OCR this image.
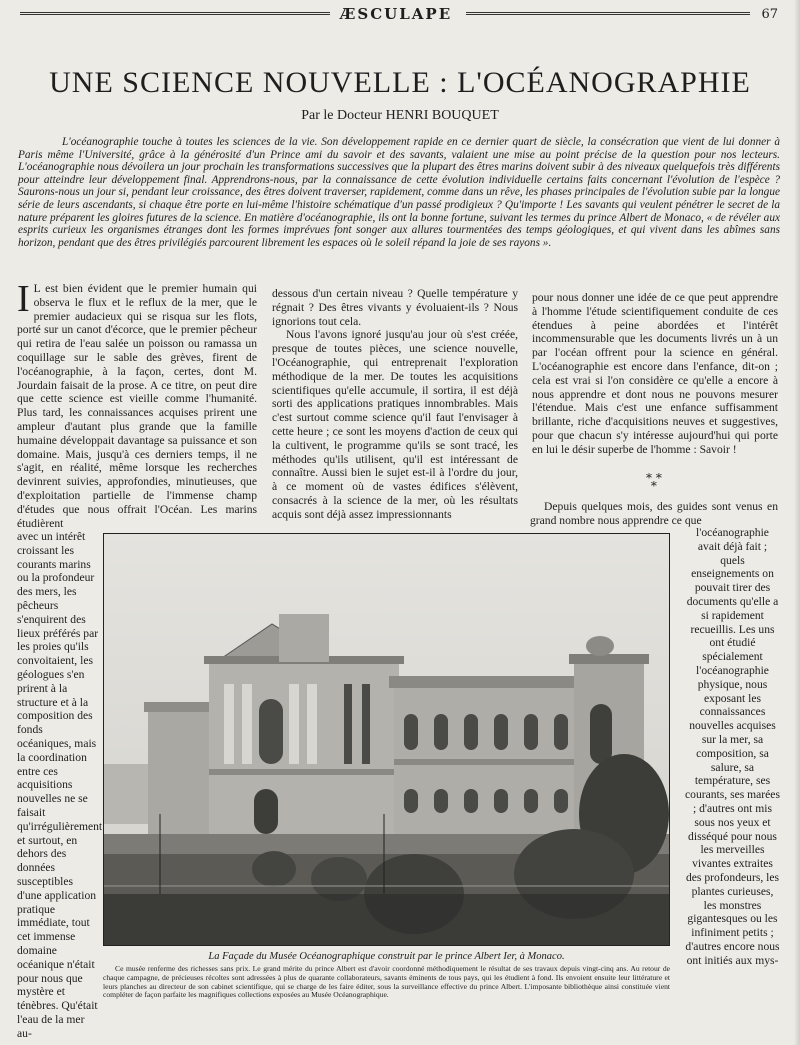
ÆSCULAPE	67
UNE SCIENCE NOUVELLE : L'OCÉANOGRAPHIE
Par le Docteur HENRI BOUQUET

L'océanographie touche à toutes les sciences de la vie. Son développement rapide en ce dernier quart de siècle, la consécration que vient de lui donner à Paris même l'Université, grâce à la générosité d'un Prince ami du savoir et des savants, valaient une mise au point précise de la question pour nos lecteurs. L'océanographie nous dévoilera un jour prochain les transformations successives que la plupart des êtres marins doivent subir à des niveaux quelquefois très différents pour atteindre leur développement final. Apprendrons-nous, par la connaissance de cette évolution individuelle certains faits concernant l'évolution de l'espèce ? Saurons-nous un jour si, pendant leur croissance, des êtres doivent traverser, rapidement, comme dans un rêve, les phases principales de l'évolution subie par la longue série de leurs ascendants, si chaque être porte en lui-même l'histoire schématique d'un passé prodigieux ? Qu'importe ! Les savants qui veulent pénétrer le secret de la nature préparent les gloires futures de la science. En matière d'océanographie, ils ont la bonne fortune, suivant les termes du prince Albert de Monaco, « de révéler aux esprits curieux les organismes étranges dont les formes imprévues font songer aux allures tourmentées des temps géologiques, et qui vivent dans les abîmes sans horizon, pendant que des êtres privilégiés parcourent librement les espaces où le soleil répand la joie de ses rayons ».

I L est bien évident que le premier humain qui observa le flux et le reflux de la mer, que le premier audacieux qui se risqua sur les flots, porté sur un canot d'écorce, que le premier pêcheur qui retira de l'eau salée un poisson ou ramassa un coquillage sur le sable des grèves, firent de l'océanographie, à la façon, certes, dont M. Jourdain faisait de la prose. A ce titre, on peut dire que cette science est vieille comme l'humanité. Plus tard, les connaissances acquises prirent une ampleur d'autant plus grande que la famille humaine développait davantage sa puissance et son domaine. Mais, jusqu'à ces derniers temps, il ne s'agit, en réalité, même lorsque les recherches devinrent suivies, approfondies, minutieuses, que d'exploitation partielle de l'immense champ d'études que nous offrait l'Océan. Les marins étudièrent

avec un intérêt croissant les courants marins ou la profondeur des mers, les pêcheurs s'enquirent des lieux préférés par les proies qu'ils convoitaient, les géologues s'en prirent à la structure et à la composition des fonds océaniques, mais la coordination entre ces acquisitions nouvelles ne se faisait qu'irrégulièrement et surtout, en dehors des données susceptibles d'une application pratique immédiate, tout cet immense domaine océanique n'était pour nous que mystère et ténèbres. Qu'était l'eau de la mer au-

dessous d'un certain niveau ? Quelle température y régnait ? Des êtres vivants y évoluaient-ils ? Nous ignorions tout cela.
Nous l'avons ignoré jusqu'au jour où s'est créée, presque de toutes pièces, une science nouvelle, l'Océanographie, qui entreprenait l'exploration méthodique de la mer. De toutes les acquisitions scientifiques qu'elle accumule, il sortira, il est déjà sorti des applications pratiques innombrables. Mais c'est surtout comme science qu'il faut l'envisager à cette heure ; ce sont les moyens d'action de ceux qui la cultivent, le programme qu'ils se sont tracé, les méthodes qu'ils utilisent, qu'il est intéressant de connaître. Aussi bien le sujet est-il à l'ordre du jour, à ce moment où de vastes édifices s'élèvent, consacrés à la science de la mer, où les résultats acquis sont déjà assez impressionnants
pour nous donner une idée de ce que peut apprendre à l'homme l'étude scientifiquement conduite de ces étendues à peine abordées et l'intérêt incommensurable que les documents livrés un à un par l'océan offrent pour la science en général. L'océanographie est encore dans l'enfance, dit-on ; cela est vrai si l'on considère ce qu'elle a encore à nous apprendre et dont nous ne pouvons mesurer l'étendue. Mais c'est une enfance suffisamment brillante, riche d'acquisitions neuves et suggestives, pour que chacun s'y intéresse aujourd'hui qui porte en lui le désir superbe de l'homme : Savoir !
* *
*
Depuis quelques mois, des guides sont venus en grand nombre nous apprendre ce que

l'océanographie avait déjà fait ; quels enseignements on pouvait tirer des documents qu'elle a si rapidement recueillis. Les uns ont étudié spécialement l'océanographie physique, nous exposant les connaissances nouvelles acquises sur la mer, sa composition, sa salure, sa température, ses courants, ses marées ; d'autres ont mis sous nos yeux et disséqué pour nous les merveilles vivantes extraites des profondeurs, les plantes curieuses, les monstres gigantesques ou les infiniment petits ; d'autres encore nous ont initiés aux mys-

La Façade du Musée Océanographique construit par le prince Albert Ier, à Monaco.

Ce musée renferme des richesses sans prix. Le grand mérite du prince Albert est d'avoir coordonné méthodiquement le résultat de ses travaux depuis vingt-cinq ans. Au retour de chaque campagne, de précieuses récoltes sont adressées à plus de quarante collaborateurs, savants éminents de tous pays, qui les étudient à fond. Ils envoient ensuite leur littérature et leurs planches au directeur de son cabinet scientifique, qui se charge de les faire éditer, sous la surveillance effective du prince Albert. L'imposante bibliothèque ainsi constituée vient compléter de façon parfaite les magnifiques collections exposées au Musée Océanographique.
